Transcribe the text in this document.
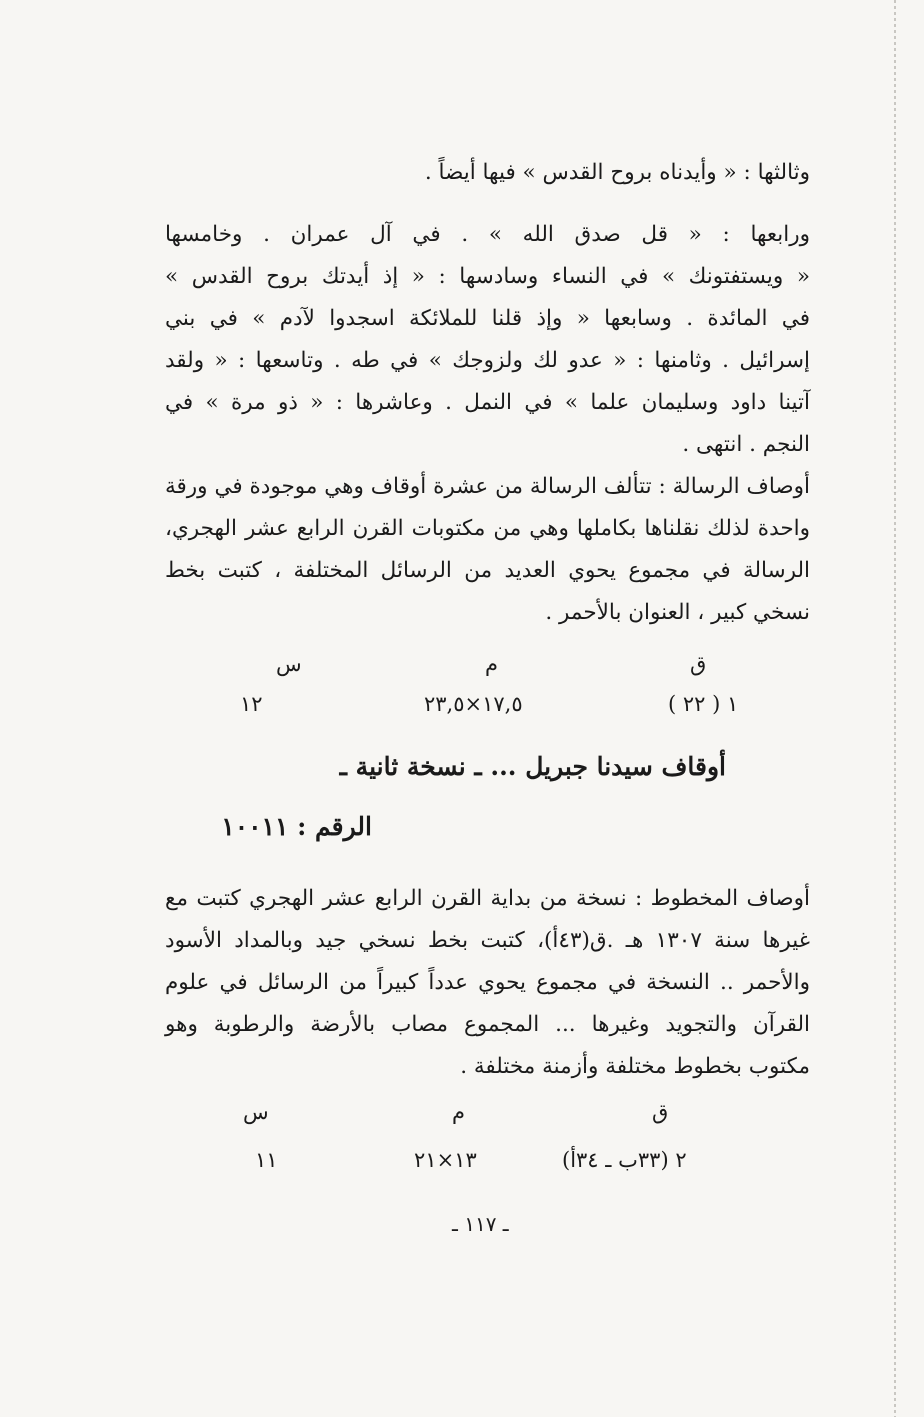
وثالثها : « وأيدناه بروح القدس » فيها أيضاً .
ورابعها : « قل صدق الله » . في آل عمران . وخامسها
« ويستفتونك » في النساء وسادسها : « إذ أيدتك بروح القدس »
في المائدة . وسابعها « وإذ قلنا للملائكة اسجدوا لآدم » في بني
إسرائيل . وثامنها : « عدو لك ولزوجك » في طه . وتاسعها : « ولقد
آتينا داود وسليمان علما » في النمل . وعاشرها : « ذو مرة » في
النجم . انتهى .
أوصاف الرسالة : تتألف الرسالة من عشرة أوقاف وهي موجودة في ورقة
واحدة لذلك نقلناها بكاملها وهي من مكتوبات القرن الرابع عشر الهجري،
الرسالة في مجموع يحوي العديد من الرسائل المختلفة ، كتبت بخط
نسخي كبير ، العنوان بالأحمر .
ق
م
س
١ ( ٢٢ )
١٧,٥×٢٣,٥
١٢
أوقاف سيدنا جبريل ... ـ نسخة ثانية ـ
الرقم : ١٠٠١١
أوصاف المخطوط : نسخة من بداية القرن الرابع عشر الهجري كتبت مع
غيرها سنة ١٣٠٧ هـ .ق(٤٣أ)، كتبت بخط نسخي جيد وبالمداد الأسود
والأحمر .. النسخة في مجموع يحوي عدداً كبيراً من الرسائل في علوم
القرآن والتجويد وغيرها ... المجموع مصاب بالأرضة والرطوبة وهو
مكتوب بخطوط مختلفة وأزمنة مختلفة .
ق
م
س
٢ (٣٣ب ـ ٣٤أ)
١٣×٢١
١١
ـ ١١٧ ـ
